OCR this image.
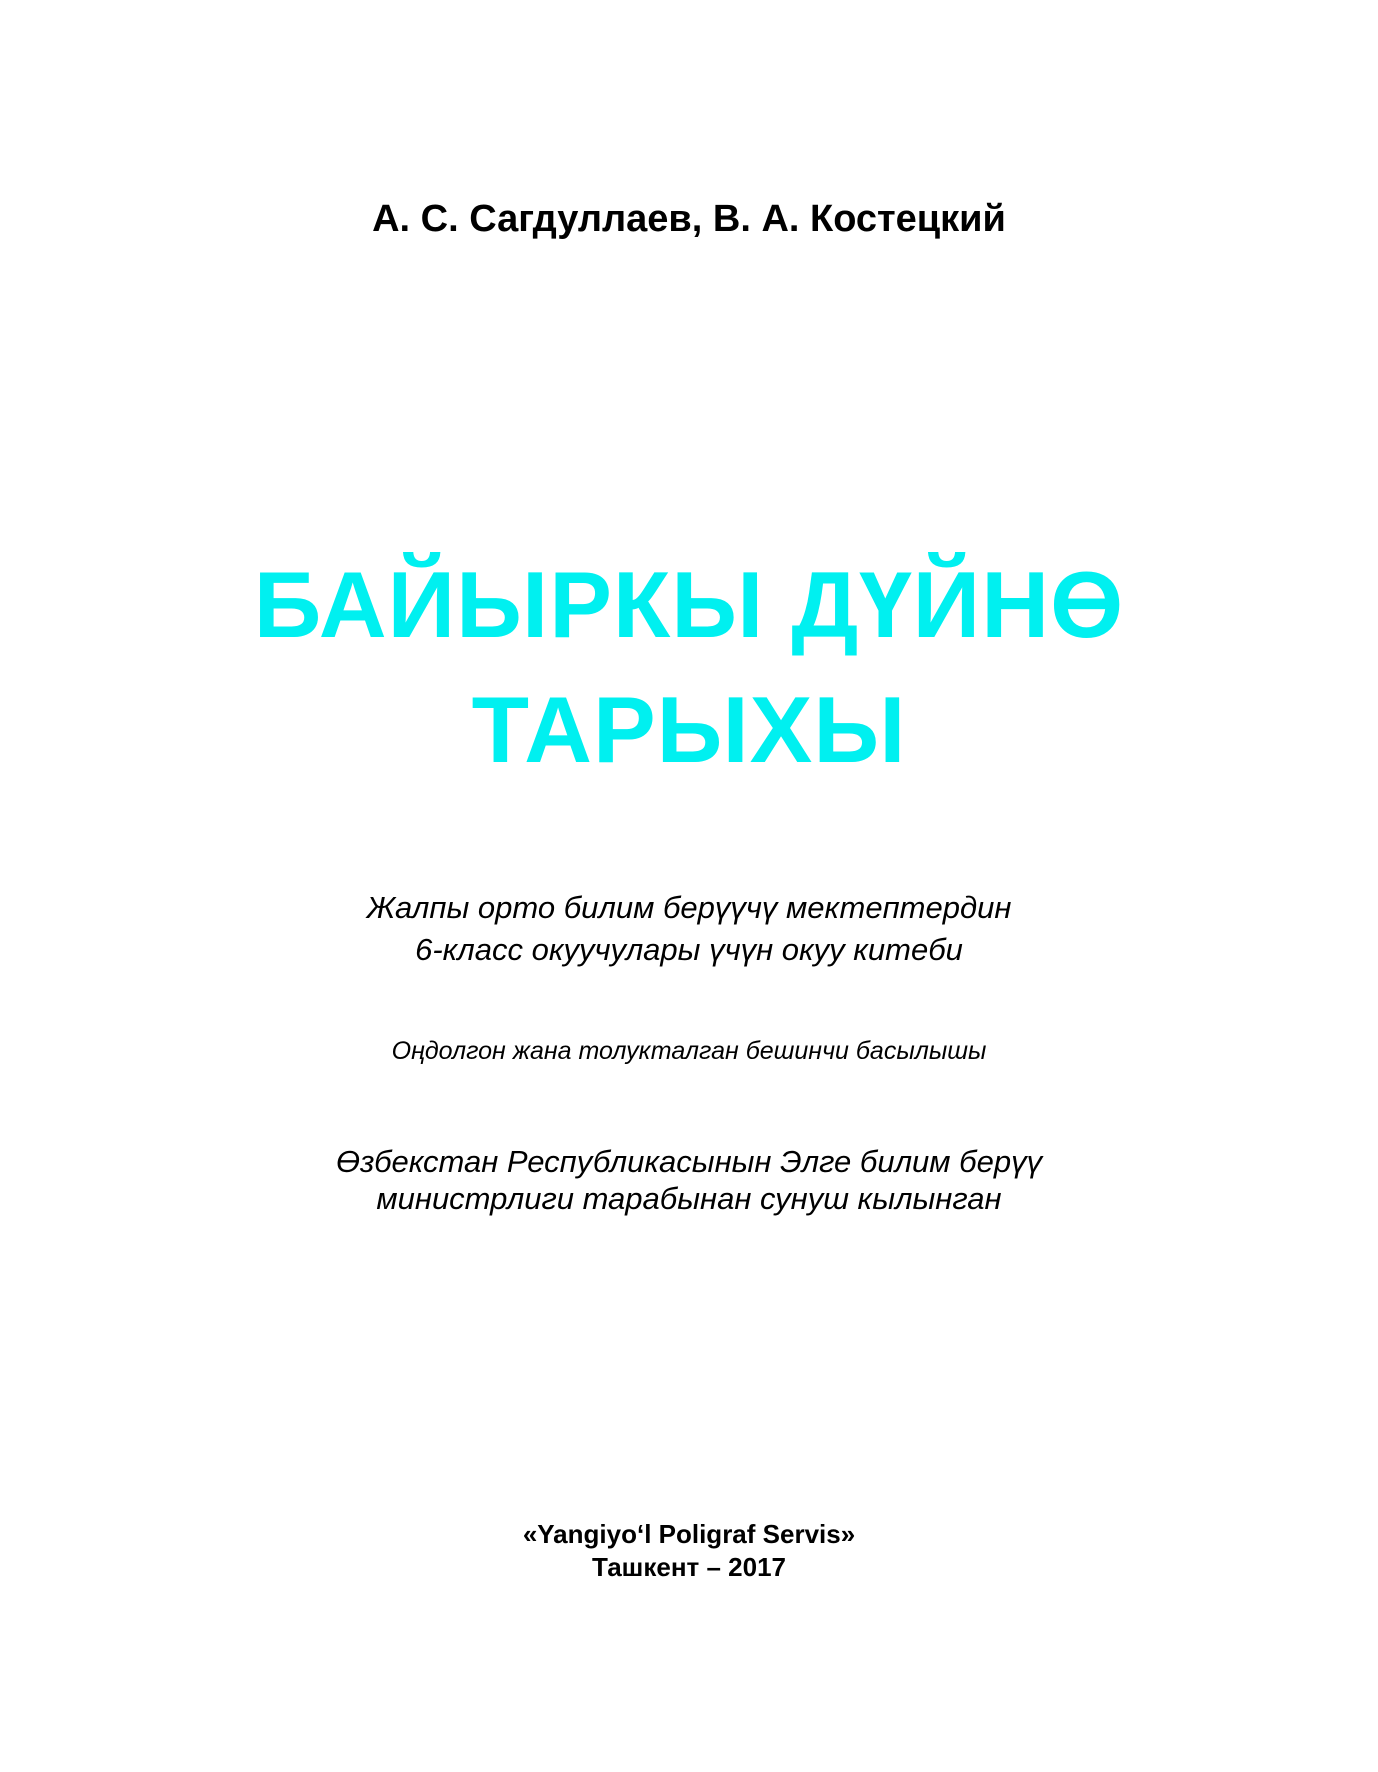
А. С. Сагдуллаев, В. А. Костецкий
БАЙЫРКЫ ДҮЙНӨ
ТАРЫХЫ
Жалпы орто билим берүүчү мектептердин
6-класс окуучулары үчүн окуу китеби
Оңдолгон жана толукталган бешинчи басылышы
Өзбекстан Республикасынын Элге билим берүү
министрлиги тарабынан сунуш кылынган
«Yangiyo‘l Poligraf Servis»
Ташкент – 2017
